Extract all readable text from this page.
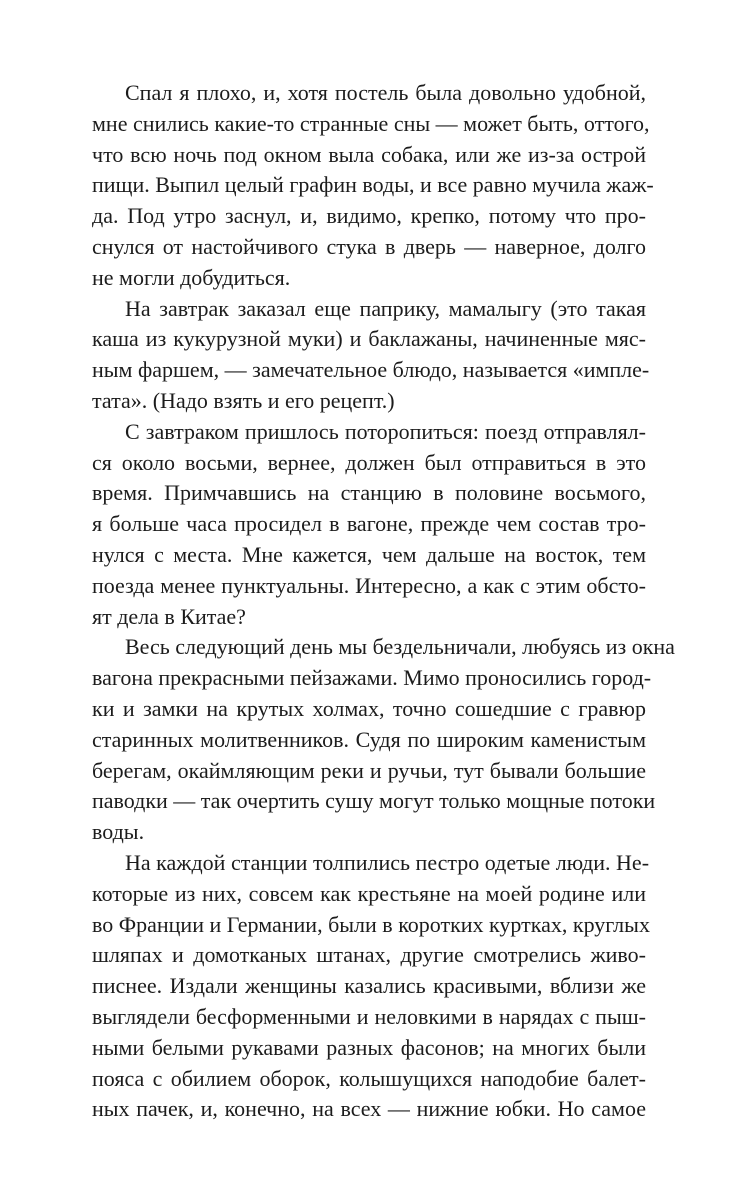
Спал я плохо, и, хотя постель была довольно удобной,
мне снились какие-то странные сны — может быть, оттого,
что всю ночь под окном выла собака, или же из-за острой
пищи. Выпил целый графин воды, и все равно мучила жаж-
да. Под утро заснул, и, видимо, крепко, потому что про-
снулся от настойчивого стука в дверь — наверное, долго
не могли добудиться.
На завтрак заказал еще паприку, мамалыгу (это такая
каша из кукурузной муки) и баклажаны, начиненные мяс-
ным фаршем, — замечательное блюдо, называется «импле-
тата». (Надо взять и его рецепт.)
С завтраком пришлось поторопиться: поезд отправлял-
ся около восьми, вернее, должен был отправиться в это
время. Примчавшись на станцию в половине восьмого,
я больше часа просидел в вагоне, прежде чем состав тро-
нулся с места. Мне кажется, чем дальше на восток, тем
поезда менее пунктуальны. Интересно, а как с этим обсто-
ят дела в Китае?
Весь следующий день мы бездельничали, любуясь из окна
вагона прекрасными пейзажами. Мимо проносились город-
ки и замки на крутых холмах, точно сошедшие с гравюр
старинных молитвенников. Судя по широким каменистым
берегам, окаймляющим реки и ручьи, тут бывали большие
паводки — так очертить сушу могут только мощные потоки
воды.
На каждой станции толпились пестро одетые люди. Не-
которые из них, совсем как крестьяне на моей родине или
во Франции и Германии, были в коротких куртках, круглых
шляпах и домотканых штанах, другие смотрелись живо-
писнее. Издали женщины казались красивыми, вблизи же
выглядели бесформенными и неловкими в нарядах с пыш-
ными белыми рукавами разных фасонов; на многих были
пояса с обилием оборок, колышущихся наподобие балет-
ных пачек, и, конечно, на всех — нижние юбки. Но самое
